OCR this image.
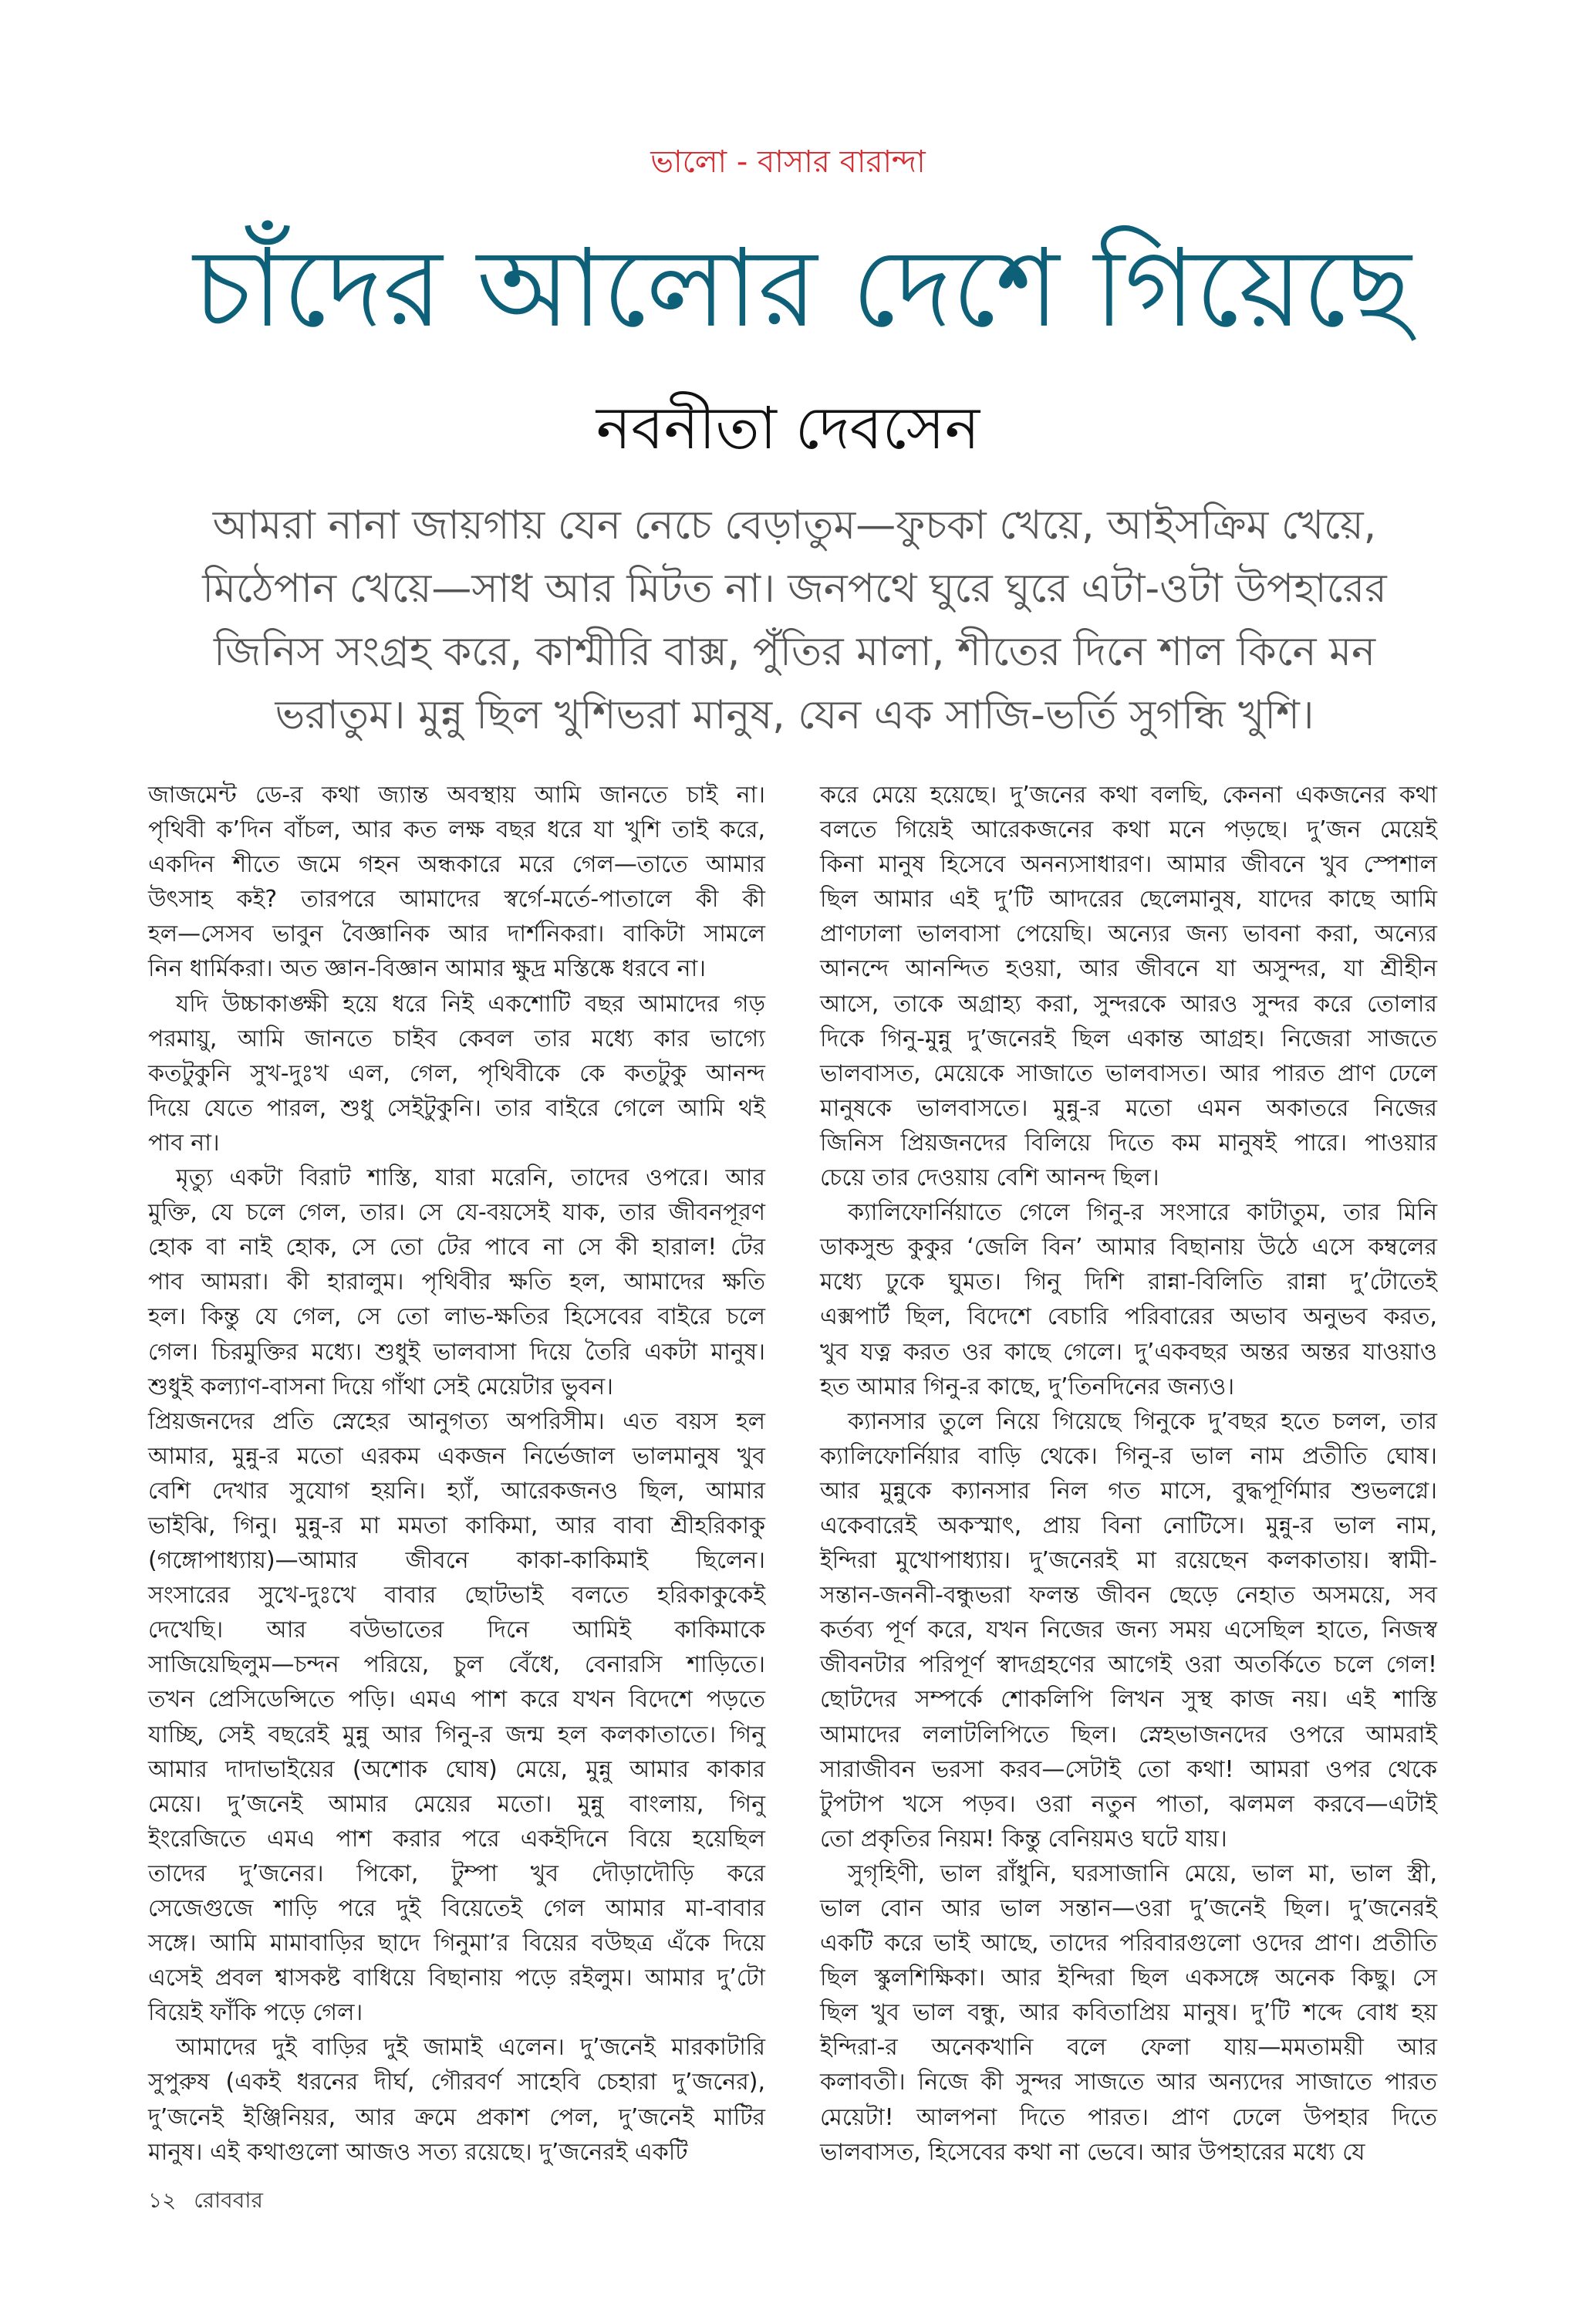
ভালো - বাসার বারান্দা
চাঁদের আলোর দেশে গিয়েছে
নবনীতা দেবসেন
আমরা নানা জায়গায় যেন নেচে বেড়াতুম—ফুচকা খেয়ে, আইসক্রিম খেয়ে,
মিঠেপান খেয়ে—সাধ আর মিটত না। জনপথে ঘুরে ঘুরে এটা-ওটা উপহারের
জিনিস সংগ্রহ করে, কাশ্মীরি বাক্স, পুঁতির মালা, শীতের দিনে শাল কিনে মন
ভরাতুম। মুন্নু ছিল খুশিভরা মানুষ, যেন এক সাজি-ভর্তি সুগন্ধি খুশি।
জাজমেন্ট ডে-র কথা জ্যান্ত অবস্থায় আমি জানতে চাই না।
পৃথিবী ক’দিন বাঁচল, আর কত লক্ষ বছর ধরে যা খুশি তাই করে,
একদিন শীতে জমে গহন অন্ধকারে মরে গেল—তাতে আমার
উৎসাহ কই? তারপরে আমাদের স্বর্গে-মর্তে-পাতালে কী কী
হল—সেসব ভাবুন বৈজ্ঞানিক আর দার্শনিকরা। বাকিটা সামলে
নিন ধার্মিকরা। অত জ্ঞান-বিজ্ঞান আমার ক্ষুদ্র মস্তিষ্কে ধরবে না।
যদি উচ্চাকাঙ্ক্ষী হয়ে ধরে নিই একশোটি বছর আমাদের গড়
পরমায়ু, আমি জানতে চাইব কেবল তার মধ্যে কার ভাগ্যে
কতটুকুনি সুখ-দুঃখ এল, গেল, পৃথিবীকে কে কতটুকু আনন্দ
দিয়ে যেতে পারল, শুধু সেইটুকুনি। তার বাইরে গেলে আমি থই
পাব না।
মৃত্যু একটা বিরাট শাস্তি, যারা মরেনি, তাদের ওপরে। আর
মুক্তি, যে চলে গেল, তার। সে যে-বয়সেই যাক, তার জীবনপূরণ
হোক বা নাই হোক, সে তো টের পাবে না সে কী হারাল! টের
পাব আমরা। কী হারালুম। পৃথিবীর ক্ষতি হল, আমাদের ক্ষতি
হল। কিন্তু যে গেল, সে তো লাভ-ক্ষতির হিসেবের বাইরে চলে
গেল। চিরমুক্তির মধ্যে। শুধুই ভালবাসা দিয়ে তৈরি একটা মানুষ।
শুধুই কল্যাণ-বাসনা দিয়ে গাঁথা সেই মেয়েটার ভুবন।
প্রিয়জনদের প্রতি স্নেহের আনুগত্য অপরিসীম। এত বয়স হল
আমার, মুন্নু-র মতো এরকম একজন নির্ভেজাল ভালমানুষ খুব
বেশি দেখার সুযোগ হয়নি। হ্যাঁ, আরেকজনও ছিল, আমার
ভাইঝি, গিনু। মুন্নু-র মা মমতা কাকিমা, আর বাবা শ্রীহরিকাকু
(গঙ্গোপাধ্যায়)—আমার জীবনে কাকা-কাকিমাই ছিলেন।
সংসারের সুখে-দুঃখে বাবার ছোটভাই বলতে হরিকাকুকেই
দেখেছি। আর বউভাতের দিনে আমিই কাকিমাকে
সাজিয়েছিলুম—চন্দন পরিয়ে, চুল বেঁধে, বেনারসি শাড়িতে।
তখন প্রেসিডেন্সিতে পড়ি। এমএ পাশ করে যখন বিদেশে পড়তে
যাচ্ছি, সেই বছরেই মুন্নু আর গিনু-র জন্ম হল কলকাতাতে। গিনু
আমার দাদাভাইয়ের (অশোক ঘোষ) মেয়ে, মুন্নু আমার কাকার
মেয়ে। দু’জনেই আমার মেয়ের মতো। মুন্নু বাংলায়, গিনু
ইংরেজিতে এমএ পাশ করার পরে একইদিনে বিয়ে হয়েছিল
তাদের দু’জনের। পিকো, টুম্পা খুব দৌড়াদৌড়ি করে
সেজেগুজে শাড়ি পরে দুই বিয়েতেই গেল আমার মা-বাবার
সঙ্গে। আমি মামাবাড়ির ছাদে গিনুমা’র বিয়ের বউছত্র এঁকে দিয়ে
এসেই প্রবল শ্বাসকষ্ট বাধিয়ে বিছানায় পড়ে রইলুম। আমার দু’টো
বিয়েই ফাঁকি পড়ে গেল।
আমাদের দুই বাড়ির দুই জামাই এলেন। দু’জনেই মারকাটারি
সুপুরুষ (একই ধরনের দীর্ঘ, গৌরবর্ণ সাহেবি চেহারা দু’জনের),
দু’জনেই ইঞ্জিনিয়র, আর ক্রমে প্রকাশ পেল, দু’জনেই মাটির
মানুষ। এই কথাগুলো আজও সত্য রয়েছে। দু’জনেরই একটি
করে মেয়ে হয়েছে। দু’জনের কথা বলছি, কেননা একজনের কথা
বলতে গিয়েই আরেকজনের কথা মনে পড়ছে। দু’জন মেয়েই
কিনা মানুষ হিসেবে অনন্যসাধারণ। আমার জীবনে খুব স্পেশাল
ছিল আমার এই দু’টি আদরের ছেলেমানুষ, যাদের কাছে আমি
প্রাণঢালা ভালবাসা পেয়েছি। অন্যের জন্য ভাবনা করা, অন্যের
আনন্দে আনন্দিত হওয়া, আর জীবনে যা অসুন্দর, যা শ্রীহীন
আসে, তাকে অগ্রাহ্য করা, সুন্দরকে আরও সুন্দর করে তোলার
দিকে গিনু-মুন্নু দু’জনেরই ছিল একান্ত আগ্রহ। নিজেরা সাজতে
ভালবাসত, মেয়েকে সাজাতে ভালবাসত। আর পারত প্রাণ ঢেলে
মানুষকে ভালবাসতে। মুন্নু-র মতো এমন অকাতরে নিজের
জিনিস প্রিয়জনদের বিলিয়ে দিতে কম মানুষই পারে। পাওয়ার
চেয়ে তার দেওয়ায় বেশি আনন্দ ছিল।
ক্যালিফোর্নিয়াতে গেলে গিনু-র সংসারে কাটাতুম, তার মিনি
ডাকসুন্ড কুকুর ‘জেলি বিন’ আমার বিছানায় উঠে এসে কম্বলের
মধ্যে ঢুকে ঘুমত। গিনু দিশি রান্না-বিলিতি রান্না দু’টোতেই
এক্সপার্ট ছিল, বিদেশে বেচারি পরিবারের অভাব অনুভব করত,
খুব যত্ন করত ওর কাছে গেলে। দু’একবছর অন্তর অন্তর যাওয়াও
হত আমার গিনু-র কাছে, দু’তিনদিনের জন্যও।
ক্যানসার তুলে নিয়ে গিয়েছে গিনুকে দু’বছর হতে চলল, তার
ক্যালিফোর্নিয়ার বাড়ি থেকে। গিনু-র ভাল নাম প্রতীতি ঘোষ।
আর মুন্নুকে ক্যানসার নিল গত মাসে, বুদ্ধপূর্ণিমার শুভলগ্নে।
একেবারেই অকস্মাৎ, প্রায় বিনা নোটিসে। মুন্নু-র ভাল নাম,
ইন্দিরা মুখোপাধ্যায়। দু’জনেরই মা রয়েছেন কলকাতায়। স্বামী-
সন্তান-জননী-বন্ধুভরা ফলন্ত জীবন ছেড়ে নেহাত অসময়ে, সব
কর্তব্য পূর্ণ করে, যখন নিজের জন্য সময় এসেছিল হাতে, নিজস্ব
জীবনটার পরিপূর্ণ স্বাদগ্রহণের আগেই ওরা অতর্কিতে চলে গেল!
ছোটদের সম্পর্কে শোকলিপি লিখন সুস্থ কাজ নয়। এই শাস্তি
আমাদের ললাটলিপিতে ছিল। স্নেহভাজনদের ওপরে আমরাই
সারাজীবন ভরসা করব—সেটাই তো কথা! আমরা ওপর থেকে
টুপটাপ খসে পড়ব। ওরা নতুন পাতা, ঝলমল করবে—এটাই
তো প্রকৃতির নিয়ম! কিন্তু বেনিয়মও ঘটে যায়।
সুগৃহিণী, ভাল রাঁধুনি, ঘরসাজানি মেয়ে, ভাল মা, ভাল স্ত্রী,
ভাল বোন আর ভাল সন্তান—ওরা দু’জনেই ছিল। দু’জনেরই
একটি করে ভাই আছে, তাদের পরিবারগুলো ওদের প্রাণ। প্রতীতি
ছিল স্কুলশিক্ষিকা। আর ইন্দিরা ছিল একসঙ্গে অনেক কিছু। সে
ছিল খুব ভাল বন্ধু, আর কবিতাপ্রিয় মানুষ। দু’টি শব্দে বোধ হয়
ইন্দিরা-র অনেকখানি বলে ফেলা যায়—মমতাময়ী আর
কলাবতী। নিজে কী সুন্দর সাজতে আর অন্যদের সাজাতে পারত
মেয়েটা! আলপনা দিতে পারত। প্রাণ ঢেলে উপহার দিতে
ভালবাসত, হিসেবের কথা না ভেবে। আর উপহারের মধ্যে যে
১২ রোববার
